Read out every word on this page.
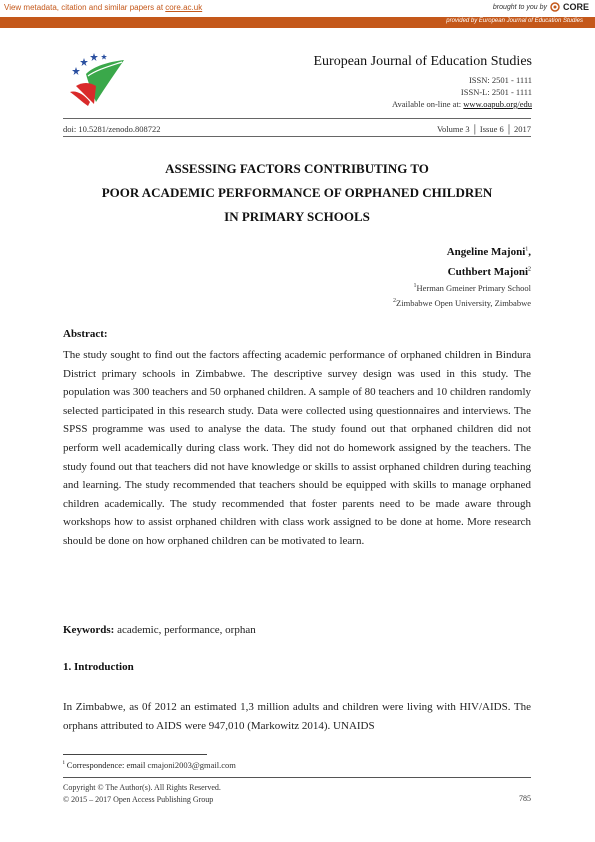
View metadata, citation and similar papers at core.ac.uk	brought to you by CORE
provided by European Journal of Education Studies
European Journal of Education Studies
ISSN: 2501 - 1111
ISSN-L: 2501 - 1111
Available on-line at: www.oapub.org/edu
doi: 10.5281/zenodo.808722	Volume 3 │ Issue 6 │ 2017
ASSESSING FACTORS CONTRIBUTING TO
POOR ACADEMIC PERFORMANCE OF ORPHANED CHILDREN
IN PRIMARY SCHOOLS
Angeline Majoni$^1$,
Cuthbert Majoni$^2$
$^1$Herman Gmeiner Primary School
$^2$Zimbabwe Open University, Zimbabwe
Abstract:

The study sought to find out the factors affecting academic performance of orphaned children in Bindura District primary schools in Zimbabwe. The descriptive survey design was used in this study. The population was 300 teachers and 50 orphaned children. A sample of 80 teachers and 10 children randomly selected participated in this research study. Data were collected using questionnaires and interviews. The SPSS programme was used to analyse the data. The study found out that orphaned children did not perform well academically during class work. They did not do homework assigned by the teachers. The study found out that teachers did not have knowledge or skills to assist orphaned children during teaching and learning. The study recommended that teachers should be equipped with skills to manage orphaned children academically. The study recommended that foster parents need to be made aware through workshops how to assist orphaned children with class work assigned to be done at home. More research should be done on how orphaned children can be motivated to learn.

Keywords: academic, performance, orphan
1. Introduction

In Zimbabwe, as 0f 2012 an estimated 1,3 million adults and children were living with HIV/AIDS. The orphans attributed to AIDS were 947,010 (Markowitz 2014). UNAIDS

$^i$ Correspondence: email cmajoni2003@gmail.com
Copyright © The Author(s). All Rights Reserved.
© 2015 – 2017 Open Access Publishing Group	785
